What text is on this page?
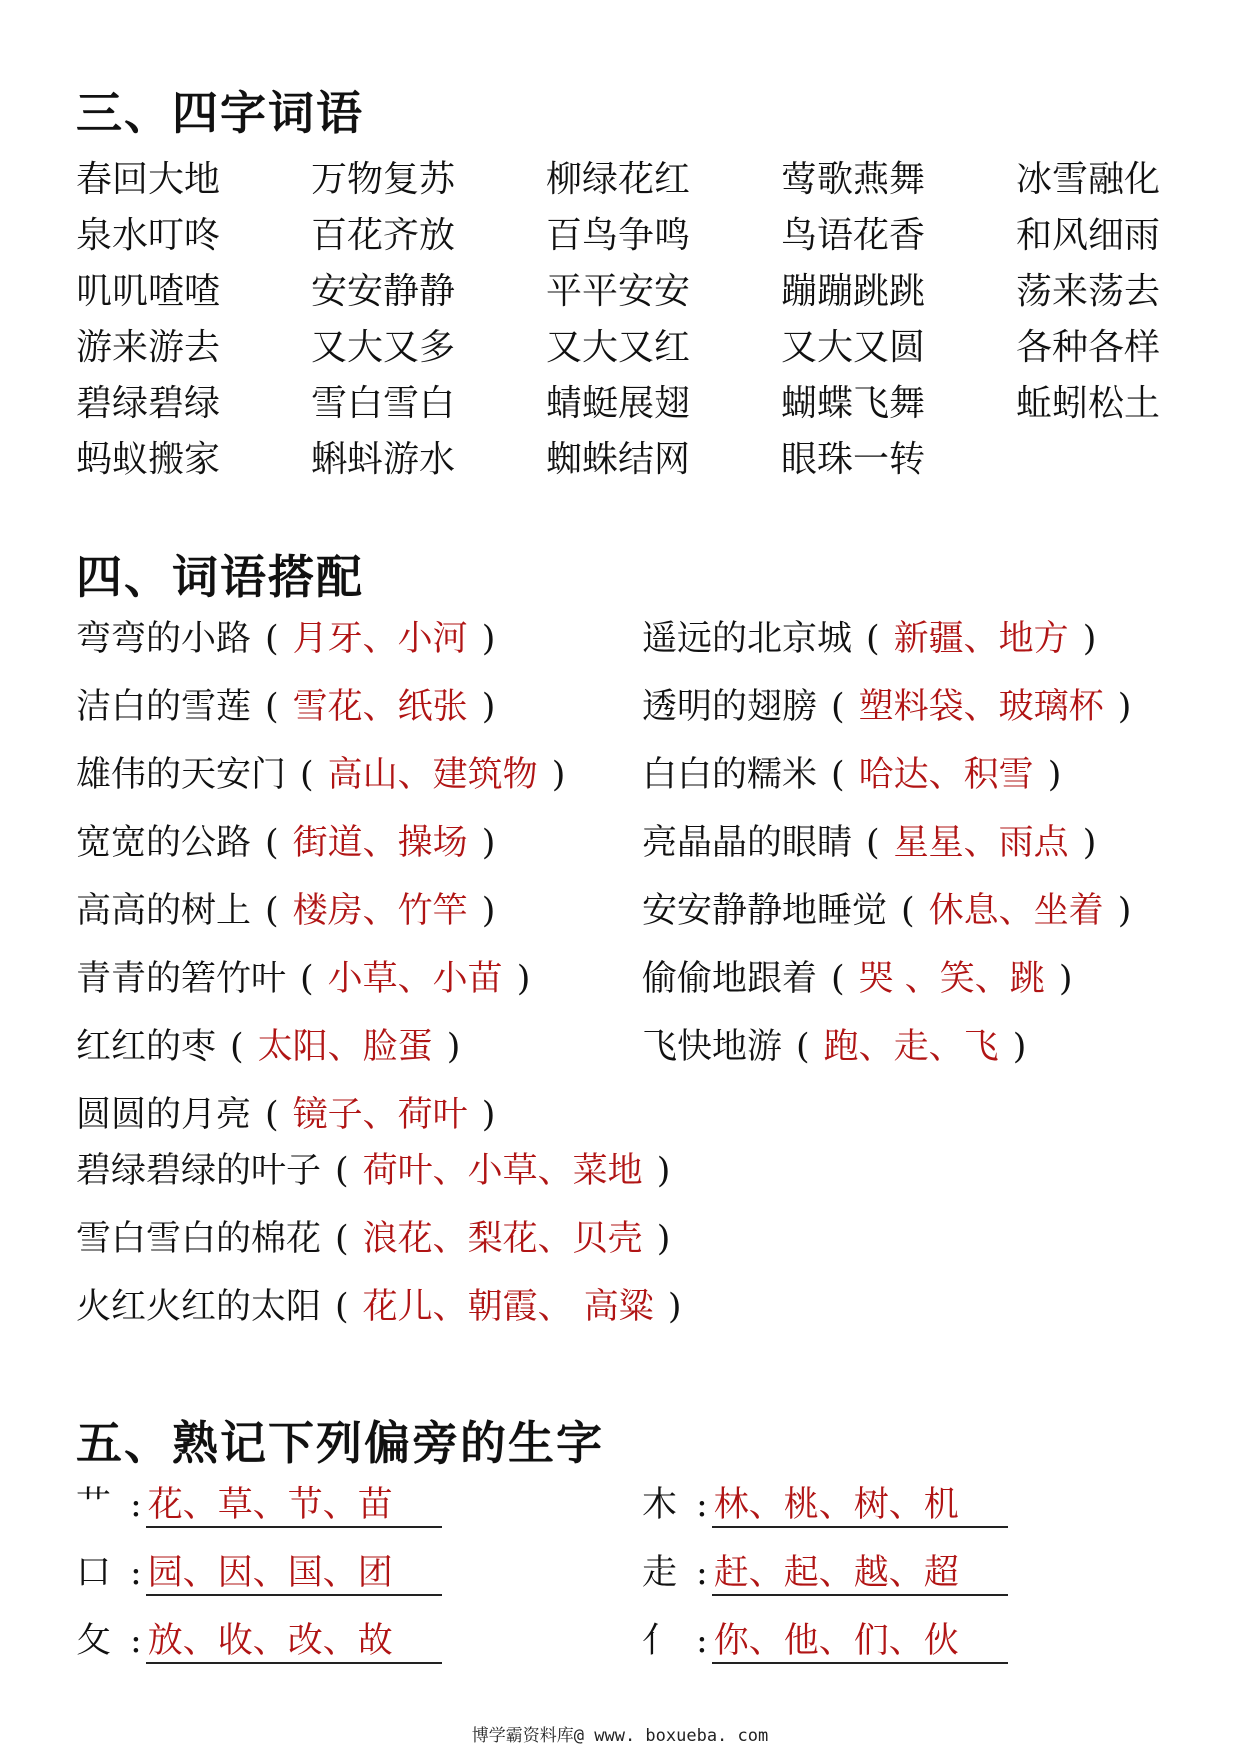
三、四字词语
春回大地	万物复苏	柳绿花红	莺歌燕舞	冰雪融化
泉水叮咚	百花齐放	百鸟争鸣	鸟语花香	和风细雨
叽叽喳喳	安安静静	平平安安	蹦蹦跳跳	荡来荡去
游来游去	又大又多	又大又红	又大又圆	各种各样
碧绿碧绿	雪白雪白	蜻蜓展翅	蝴蝶飞舞	蚯蚓松土
蚂蚁搬家	蝌蚪游水	蜘蛛结网	眼珠一转
四、词语搭配
弯弯的小路 ( 月牙、小河 )	遥远的北京城 ( 新疆、地方 )
洁白的雪莲 ( 雪花、纸张 )	透明的翅膀 ( 塑料袋、玻璃杯 )
雄伟的天安门 ( 高山、建筑物 )	白白的糯米 ( 哈达、积雪 )
宽宽的公路 ( 街道、操场 )	亮晶晶的眼睛 ( 星星、雨点 )
高高的树上 ( 楼房、竹竿 )	安安静静地睡觉 ( 休息、坐着 )
青青的箬竹叶 ( 小草、小苗 )	偷偷地跟着 ( 哭 、笑、跳 )
红红的枣 ( 太阳、脸蛋 )	飞快地游 ( 跑、走、飞 )
圆圆的月亮 ( 镜子、荷叶 )
碧绿碧绿的叶子 ( 荷叶、小草、菜地 )
雪白雪白的棉花 ( 浪花、梨花、贝壳 )
火红火红的太阳 ( 花儿、朝霞、 高粱 )
五、熟记下列偏旁的生字
艹 : 花、草、节、苗	木 : 林、桃、树、机
口 : 园、因、国、团	走 : 赶、起、越、超
攵 : 放、收、改、故	亻 : 你、他、们、伙
博学霸资料库@ www. boxueba. com
